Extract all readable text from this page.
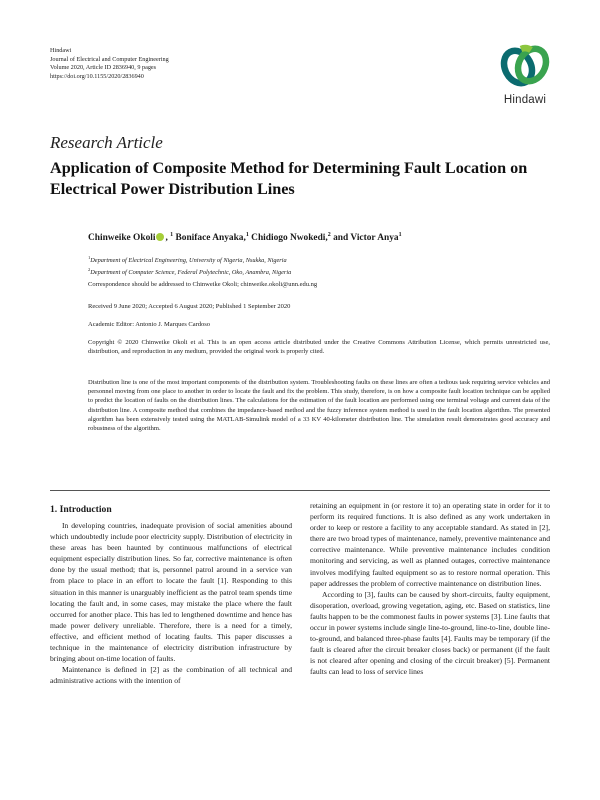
Hindawi
Journal of Electrical and Computer Engineering
Volume 2020, Article ID 2836940, 9 pages
https://doi.org/10.1155/2020/2836940
Hindawi
Research Article
Application of Composite Method for Determining Fault Location on Electrical Power Distribution Lines
Chinweike Okoli , $^1$ Boniface Anyaka,$^1$ Chidiogo Nwokedi,$^2$ and Victor Anya$^1$
$^1$Department of Electrical Engineering, University of Nigeria, Nsukka, Nigeria
$^2$Department of Computer Science, Federal Polytechnic, Oko, Anambra, Nigeria
Correspondence should be addressed to Chinweike Okoli; chinweike.okoli@unn.edu.ng
Received 9 June 2020; Accepted 6 August 2020; Published 1 September 2020
Academic Editor: Antonio J. Marques Cardoso
Copyright © 2020 Chinweike Okoli et al. This is an open access article distributed under the Creative Commons Attribution License, which permits unrestricted use, distribution, and reproduction in any medium, provided the original work is properly cited.
Distribution line is one of the most important components of the distribution system. Troubleshooting faults on these lines are often a tedious task requiring service vehicles and personnel moving from one place to another in order to locate the fault and fix the problem. This study, therefore, is on how a composite fault location technique can be applied to predict the location of faults on the distribution lines. The calculations for the estimation of the fault location are performed using one terminal voltage and current data of the distribution line. A composite method that combines the impedance-based method and the fuzzy inference system method is used in the fault location algorithm. The presented algorithm has been extensively tested using the MATLAB-Simulink model of a 33 KV 40-kilometer distribution line. The simulation result demonstrates good accuracy and robustness of the algorithm.
1. Introduction

In developing countries, inadequate provision of social amenities abound which undoubtedly include poor electricity supply. Distribution of electricity in these areas has been haunted by continuous malfunctions of electrical equipment especially distribution lines. So far, corrective maintenance is often done by the usual method; that is, personnel patrol around in a service van from place to place in an effort to locate the fault [1]. Responding to this situation in this manner is unarguably inefficient as the patrol team spends time locating the fault and, in some cases, may mistake the place where the fault occurred for another place. This has led to lengthened downtime and hence has made power delivery unreliable. Therefore, there is a need for a timely, effective, and efficient method of locating faults. This paper discusses a technique in the maintenance of electricity distribution infrastructure by bringing about on-time location of faults.

Maintenance is defined in [2] as the combination of all technical and administrative actions with the intention of

retaining an equipment in (or restore it to) an operating state in order for it to perform its required functions. It is also defined as any work undertaken in order to keep or restore a facility to any acceptable standard. As stated in [2], there are two broad types of maintenance, namely, preventive maintenance and corrective maintenance. While preventive maintenance includes condition monitoring and servicing, as well as planned outages, corrective maintenance involves modifying faulted equipment so as to restore normal operation. This paper addresses the problem of corrective maintenance on distribution lines.

According to [3], faults can be caused by short-circuits, faulty equipment, disoperation, overload, growing vegetation, aging, etc. Based on statistics, line faults happen to be the commonest faults in power systems [3]. Line faults that occur in power systems include single line-to-ground, line-to-line, double line-to-ground, and balanced three-phase faults [4]. Faults may be temporary (if the fault is cleared after the circuit breaker closes back) or permanent (if the fault is not cleared after opening and closing of the circuit breaker) [5]. Permanent faults can lead to loss of service lines
